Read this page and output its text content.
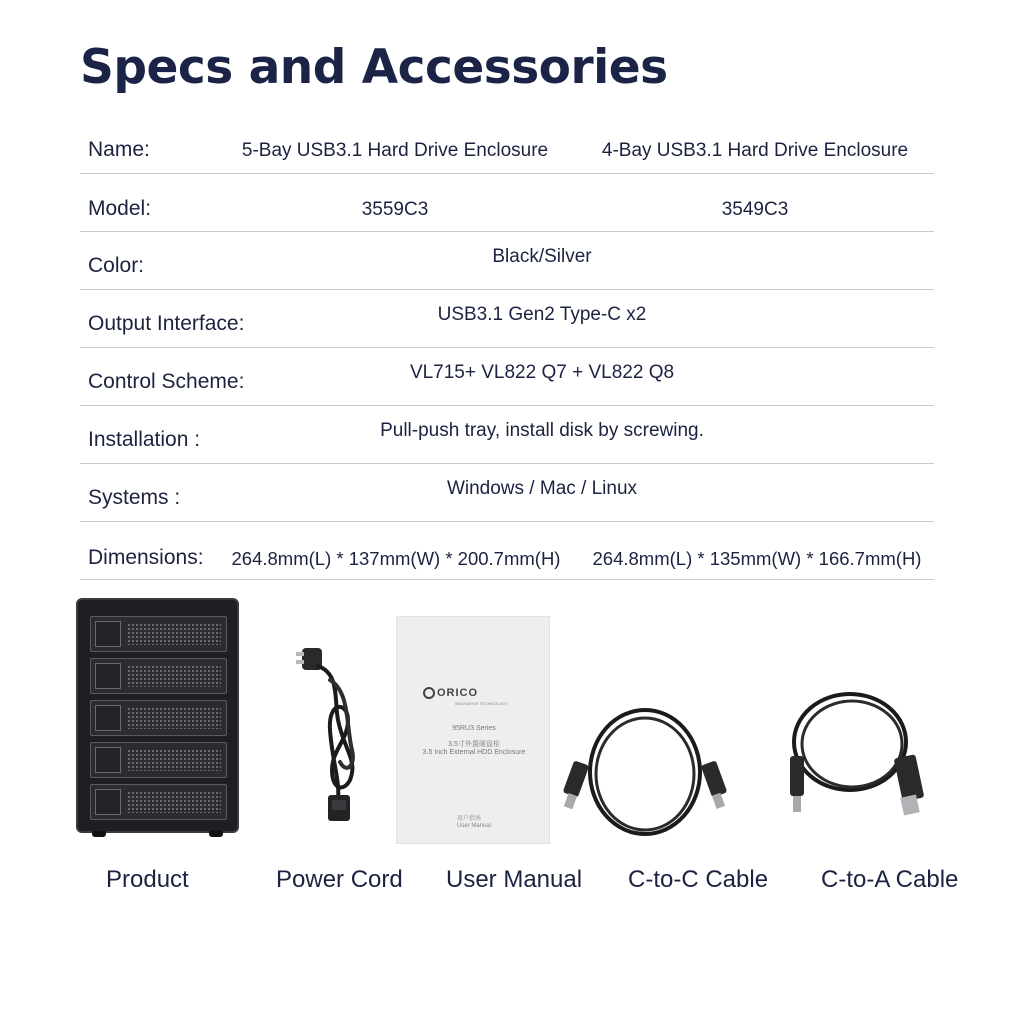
Specs and Accessories
Name:	5-Bay USB3.1 Hard Drive Enclosure	4-Bay USB3.1 Hard Drive Enclosure
Model:	3559C3	3549C3
Color:	Black/Silver
Output Interface:	USB3.1 Gen2 Type-C x2
Control Scheme:	VL715+ VL822 Q7 + VL822 Q8
Installation :	Pull-push tray, install disk by screwing.
Systems :	Windows / Mac / Linux
Dimensions:	264.8mm(L) * 137mm(W) * 200.7mm(H)	264.8mm(L) * 135mm(W) * 166.7mm(H)
ORICO
INNOVATIVE TECHNOLOGY
95RU3 Series
3.5寸外置硬盘柜
3.5 Inch External HDD Enclosure
用户指南
User Manual
Product	Power Cord User Manual C-to-C Cable C-to-A Cable
